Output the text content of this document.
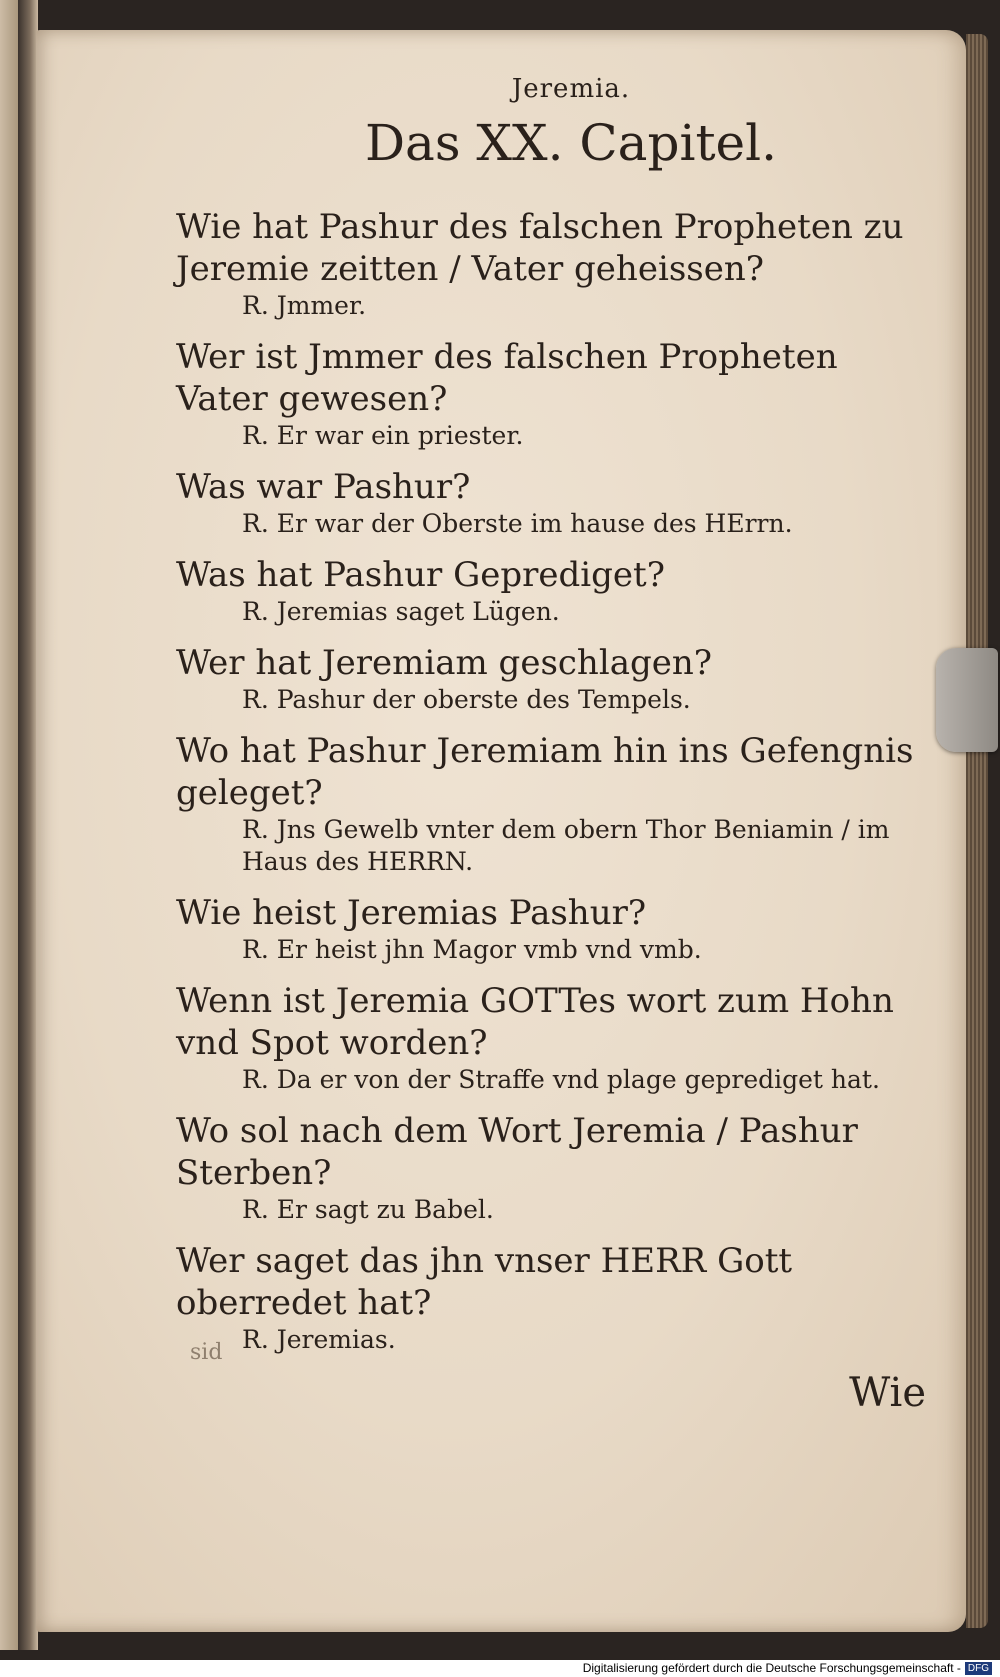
Jeremia.
Das XX. Capitel.
Wie hat Pashur des falschen Propheten zu Jeremie zeitten / Vater geheissen?
R. Jmmer.
Wer ist Jmmer des falschen Propheten Vater gewesen?
R. Er war ein priester.
Was war Pashur?
R. Er war der Oberste im hause des HErrn.
Was hat Pashur Geprediget?
R. Jeremias saget Lügen.
Wer hat Jeremiam geschlagen?
R. Pashur der oberste des Tempels.
Wo hat Pashur Jeremiam hin ins Gefengnis geleget?
R. Jns Gewelb vnter dem obern Thor Beniamin / im Haus des HERRN.
Wie heist Jeremias Pashur?
R. Er heist jhn Magor vmb vnd vmb.
Wenn ist Jeremia GOTTes wort zum Hohn vnd Spot worden?
R. Da er von der Straffe vnd plage geprediget hat.
Wo sol nach dem Wort Jeremia / Pashur Sterben?
R. Er sagt zu Babel.
Wer saget das jhn vnser HERR Gott oberredet hat?
R. Jeremias.
Wie
sid
Digitalisierung gefördert durch die Deutsche Forschungsgemeinschaft - DFG
